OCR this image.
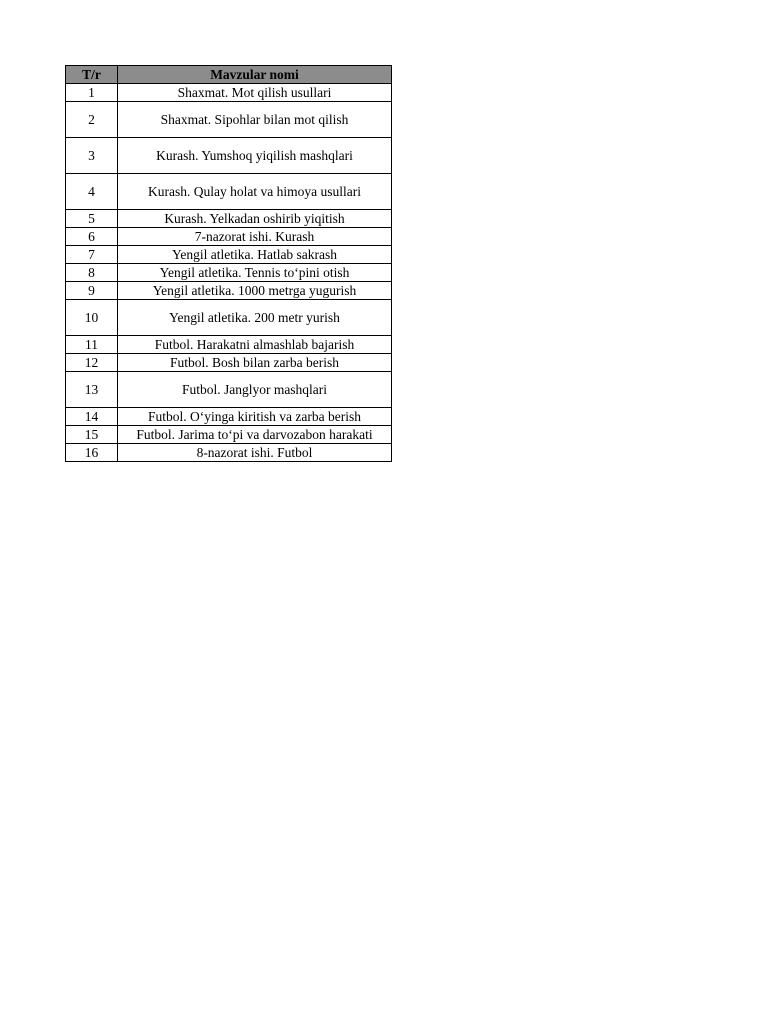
T/r	Mavzular nomi
1	Shaxmat. Mot qilish usullari
2	Shaxmat. Sipohlar bilan mot qilish
3	Kurash. Yumshoq yiqilish mashqlari
4	Kurash. Qulay holat va himoya usullari
5	Kurash. Yelkadan oshirib yiqitish
6	7-nazorat ishi. Kurash
7	Yengil atletika. Hatlab sakrash
8	Yengil atletika. Tennis to‘pini otish
9	Yengil atletika. 1000 metrga yugurish
10	Yengil atletika. 200 metr yurish
11	Futbol. Harakatni almashlab bajarish
12	Futbol. Bosh bilan zarba berish
13	Futbol. Janglyor mashqlari
14	Futbol. O‘yinga kiritish va zarba berish
15	Futbol. Jarima to‘pi va darvozabon harakati
16	8-nazorat ishi. Futbol
